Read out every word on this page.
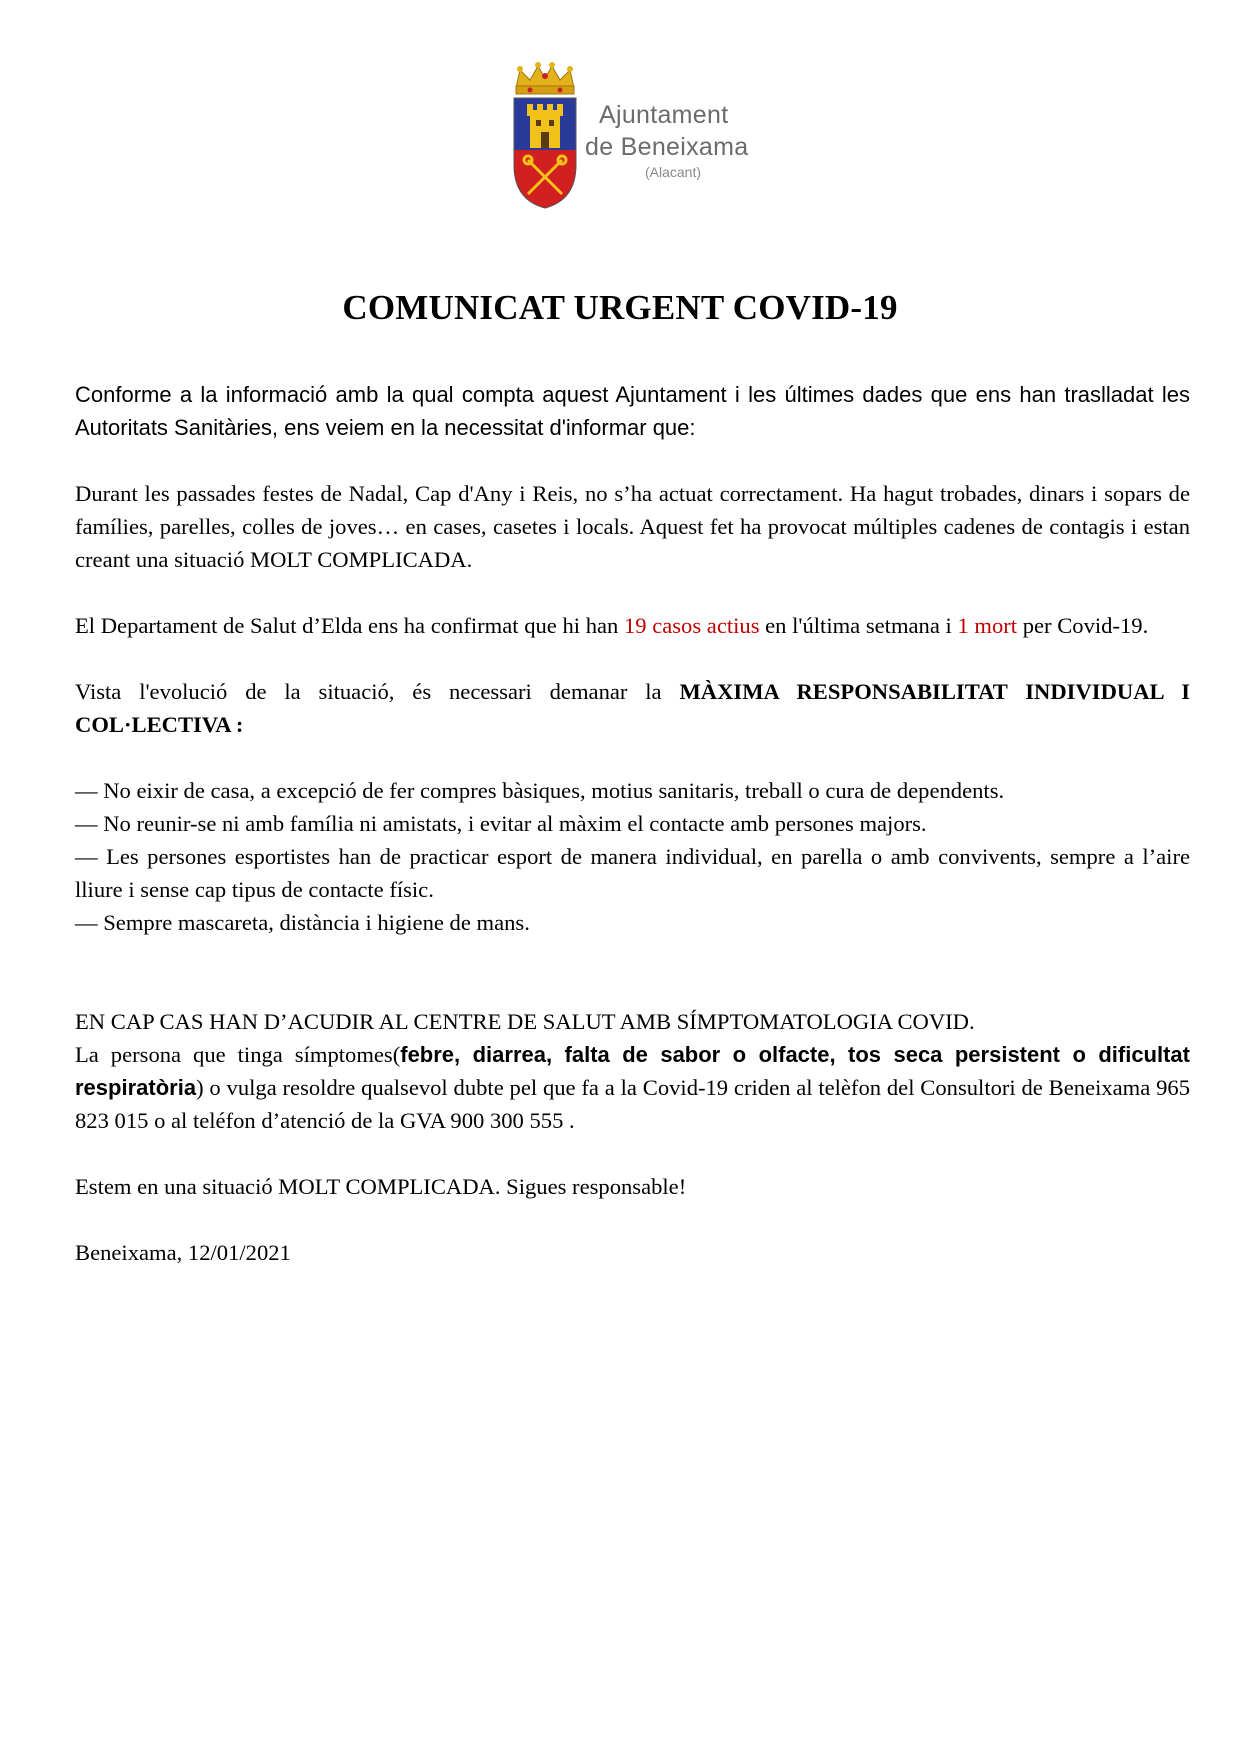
Ajuntament
de Beneixama
(Alacant)
COMUNICAT URGENT COVID-19

Conforme a la informació amb la qual compta aquest Ajuntament i les últimes dades que ens han traslladat les Autoritats Sanitàries, ens veiem en la necessitat d'informar que:

Durant les passades festes de Nadal, Cap d'Any i Reis, no s’ha actuat correctament. Ha hagut trobades, dinars i sopars de famílies, parelles, colles de joves… en cases, casetes i locals. Aquest fet ha provocat múltiples cadenes de contagis i estan creant una situació MOLT COMPLICADA.

El Departament de Salut d’Elda ens ha confirmat que hi han 19 casos actius en l'última setmana i 1 mort per Covid-19.

Vista l'evolució de la situació, és necessari demanar la MÀXIMA RESPONSABILITAT INDIVIDUAL I COL·LECTIVA :

— No eixir de casa, a excepció de fer compres bàsiques, motius sanitaris, treball o cura de dependents.

— No reunir-se ni amb família ni amistats, i evitar al màxim el contacte amb persones majors.

— Les persones esportistes han de practicar esport de manera individual, en parella o amb convivents, sempre a l’aire lliure i sense cap tipus de contacte físic.

— Sempre mascareta, distància i higiene de mans.

EN CAP CAS HAN D’ACUDIR AL CENTRE DE SALUT AMB SÍMPTOMATOLOGIA COVID.

La persona que tinga símptomes(febre, diarrea, falta de sabor o olfacte, tos seca persistent o dificultat respiratòria) o vulga resoldre qualsevol dubte pel que fa a la Covid-19 criden al telèfon del Consultori de Beneixama 965 823 015 o al teléfon d’atenció de la GVA 900 300 555 .

Estem en una situació MOLT COMPLICADA. Sigues responsable!

Beneixama, 12/01/2021
